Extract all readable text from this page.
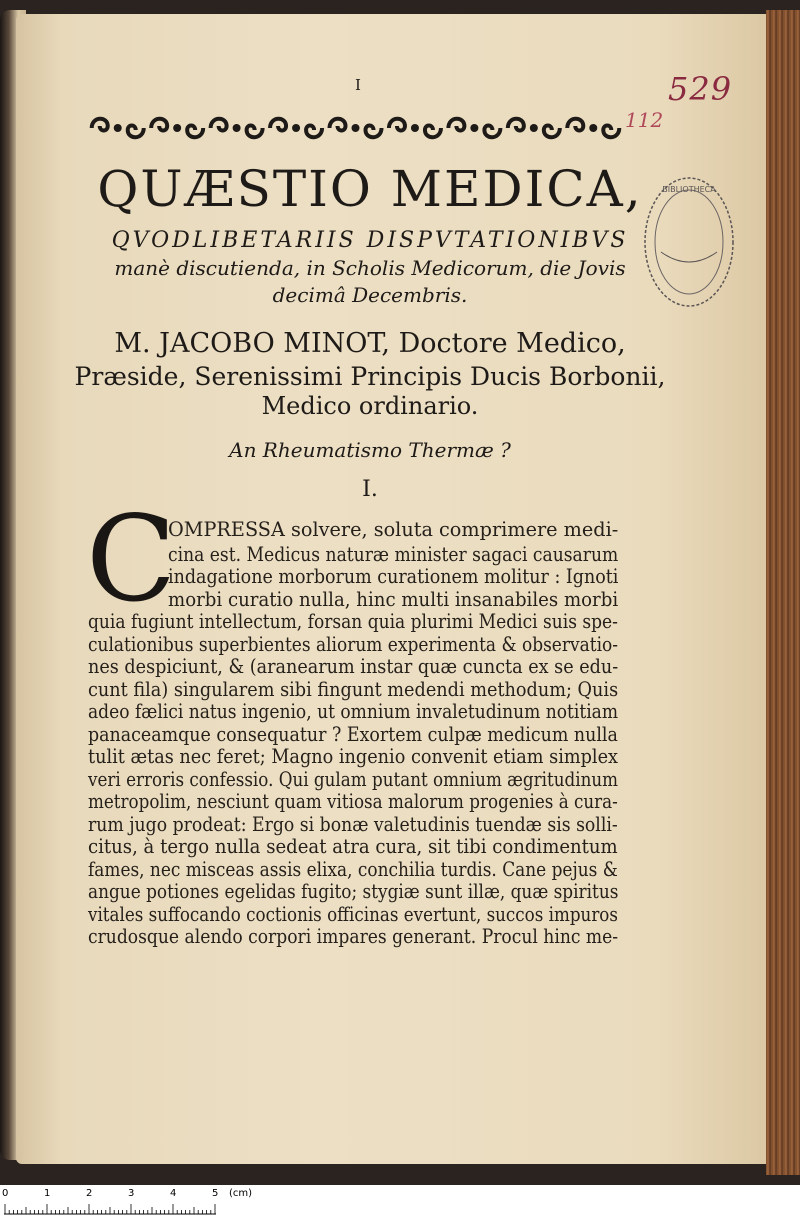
I	529
112
BIBLIOTHECA
QUÆSTIO MEDICA,
QVODLIBETARIIS DISPVTATIONIBVS
manè discutienda, in Scholis Medicorum, die Jovis
decimâ Decembris.
M. JACOBO MINOT, Doctore Medico,
Præside, Serenissimi Principis Ducis Borbonii,
Medico ordinario.
An Rheumatismo Thermæ ?
I.
C
OMPRESSA solvere, soluta comprimere medi-
cina est. Medicus naturæ minister sagaci causarum
indagatione morborum curationem molitur : Ignoti
morbi curatio nulla, hinc multi insanabiles morbi
quia fugiunt intellectum, forsan quia plurimi Medici suis spe-
culationibus superbientes aliorum experimenta & observatio-
nes despiciunt, & (aranearum instar quæ cuncta ex se edu-
cunt fila) singularem sibi fingunt medendi methodum; Quis
adeo fælici natus ingenio, ut omnium invaletudinum notitiam
panaceamque consequatur ? Exortem culpæ medicum nulla
tulit ætas nec feret; Magno ingenio convenit etiam simplex
veri erroris confessio. Qui gulam putant omnium ægritudinum
metropolim, nesciunt quam vitiosa malorum progenies à cura-
rum jugo prodeat: Ergo si bonæ valetudinis tuendæ sis solli-
citus, à tergo nulla sedeat atra cura, sit tibi condimentum
fames, nec misceas assis elixa, conchilia turdis. Cane pejus &
angue potiones egelidas fugito; stygiæ sunt illæ, quæ spiritus
vitales suffocando coctionis officinas evertunt, succos impuros
crudosque alendo corpori impares generant. Procul hinc me-
0	1	2	3	4	5 (cm)
